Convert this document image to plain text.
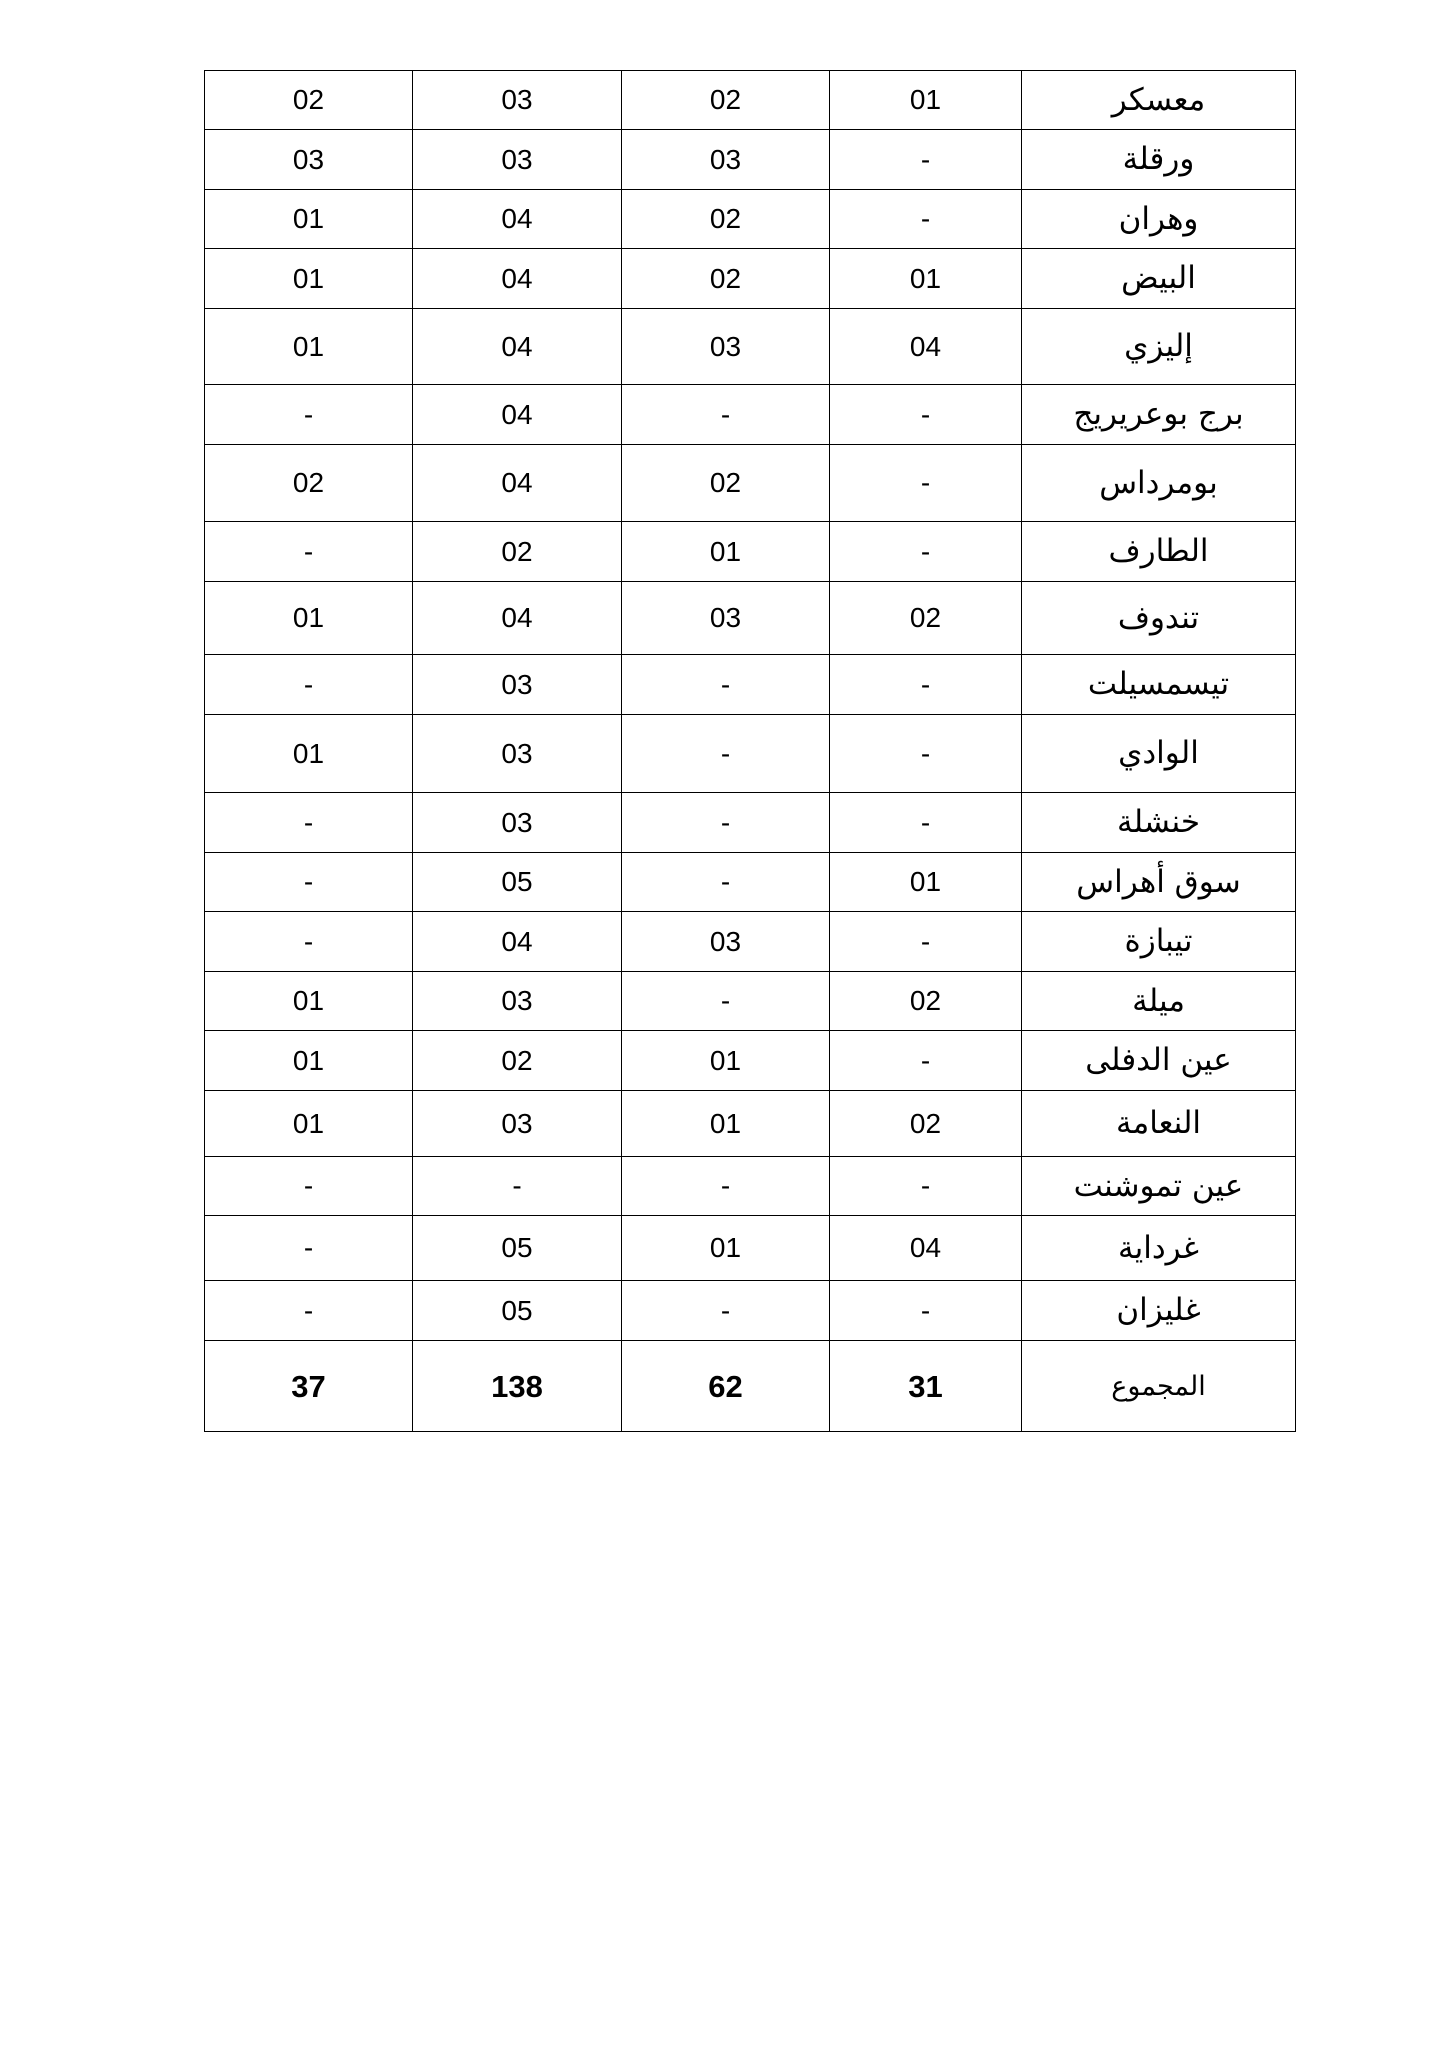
02	03	02	01	معسكر
03	03	03	-	ورقلة
01	04	02	-	وهران
01	04	02	01	البيض
01	04	03	04	إليزي
-	04	-	-	برج بوعريريج
02	04	02	-	بومرداس
-	02	01	-	الطارف
01	04	03	02	تندوف
-	03	-	-	تيسمسيلت
01	03	-	-	الوادي
-	03	-	-	خنشلة
-	05	-	01	سوق أهراس
-	04	03	-	تيبازة
01	03	-	02	ميلة
01	02	01	-	عين الدفلى
01	03	01	02	النعامة
-	-	-	-	عين تموشنت
-	05	01	04	غرداية
-	05	-	-	غليزان
37	138	62	31	المجموع
